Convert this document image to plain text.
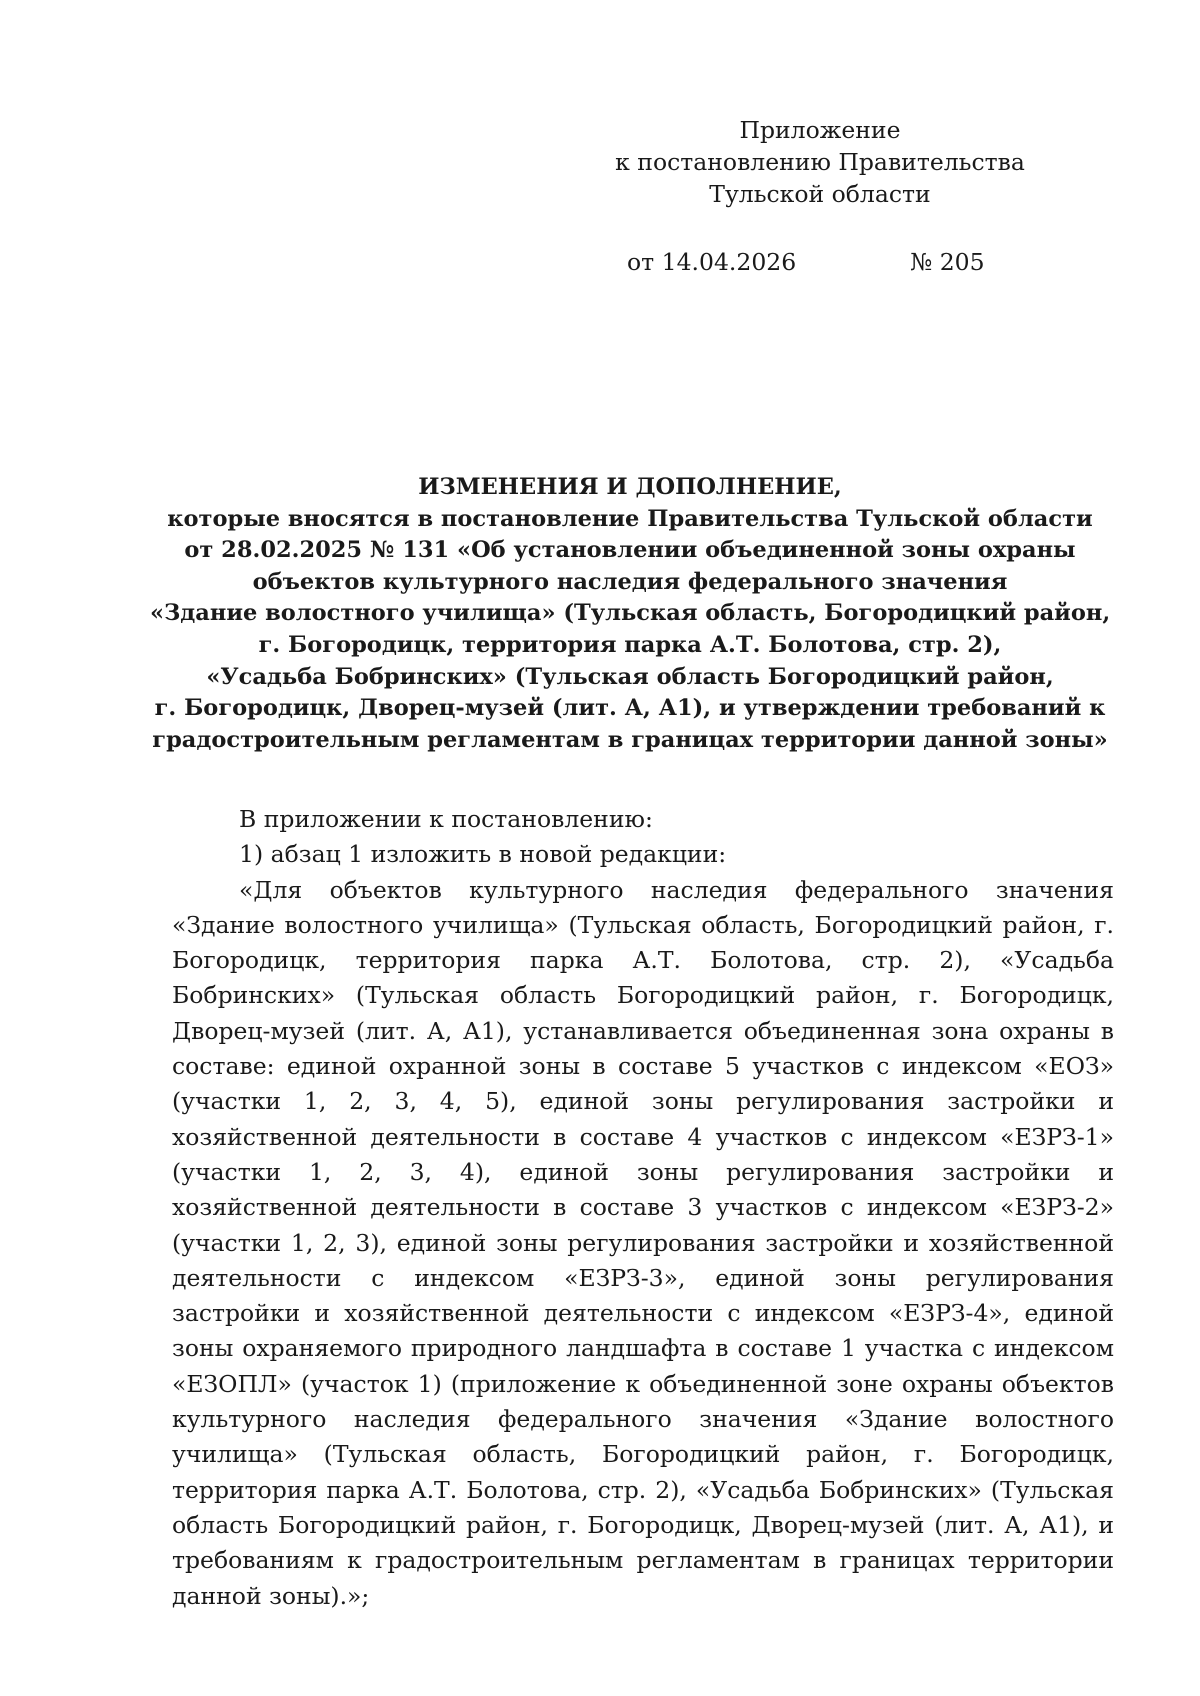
Приложение
к постановлению Правительства
Тульской области
от 14.04.2026	№ 205
ИЗМЕНЕНИЯ И ДОПОЛНЕНИЕ,
которые вносятся в постановление Правительства Тульской области
от 28.02.2025 № 131 «Об установлении объединенной зоны охраны
объектов культурного наследия федерального значения
«Здание волостного училища» (Тульская область, Богородицкий район,
г. Богородицк, территория парка А.Т. Болотова, стр. 2),
«Усадьба Бобринских» (Тульская область Богородицкий район,
г. Богородицк, Дворец-музей (лит. А, А1), и утверждении требований к
градостроительным регламентам в границах территории данной зоны»

В приложении к постановлению:

1) абзац 1 изложить в новой редакции:

«Для объектов культурного наследия федерального значения «Здание волостного училища» (Тульская область, Богородицкий район, г. Богородицк, территория парка А.Т. Болотова, стр. 2), «Усадьба Бобринских» (Тульская область Богородицкий район, г. Богородицк, Дворец-музей (лит. А, А1), устанавливается объединенная зона охраны в составе: единой охранной зоны в составе 5 участков с индексом «ЕОЗ» (участки 1, 2, 3, 4, 5), единой зоны регулирования застройки и хозяйственной деятельности в составе 4 участков с индексом «ЕЗРЗ-1» (участки 1, 2, 3, 4), единой зоны регулирования застройки и хозяйственной деятельности в составе 3 участков с индексом «ЕЗРЗ-2» (участки 1, 2, 3), единой зоны регулирования застройки и хозяйственной деятельности с индексом «ЕЗРЗ-3», единой зоны регулирования застройки и хозяйственной деятельности с индексом «ЕЗРЗ-4», единой зоны охраняемого природного ландшафта в составе 1 участка с индексом «ЕЗОПЛ» (участок 1) (приложение к объединенной зоне охраны объектов культурного наследия федерального значения «Здание волостного училища» (Тульская область, Богородицкий район, г. Богородицк, территория парка А.Т. Болотова, стр. 2), «Усадьба Бобринских» (Тульская область Богородицкий район, г. Богородицк, Дворец-музей (лит. А, А1), и требованиям к градостроительным регламентам в границах территории данной зоны).»;
